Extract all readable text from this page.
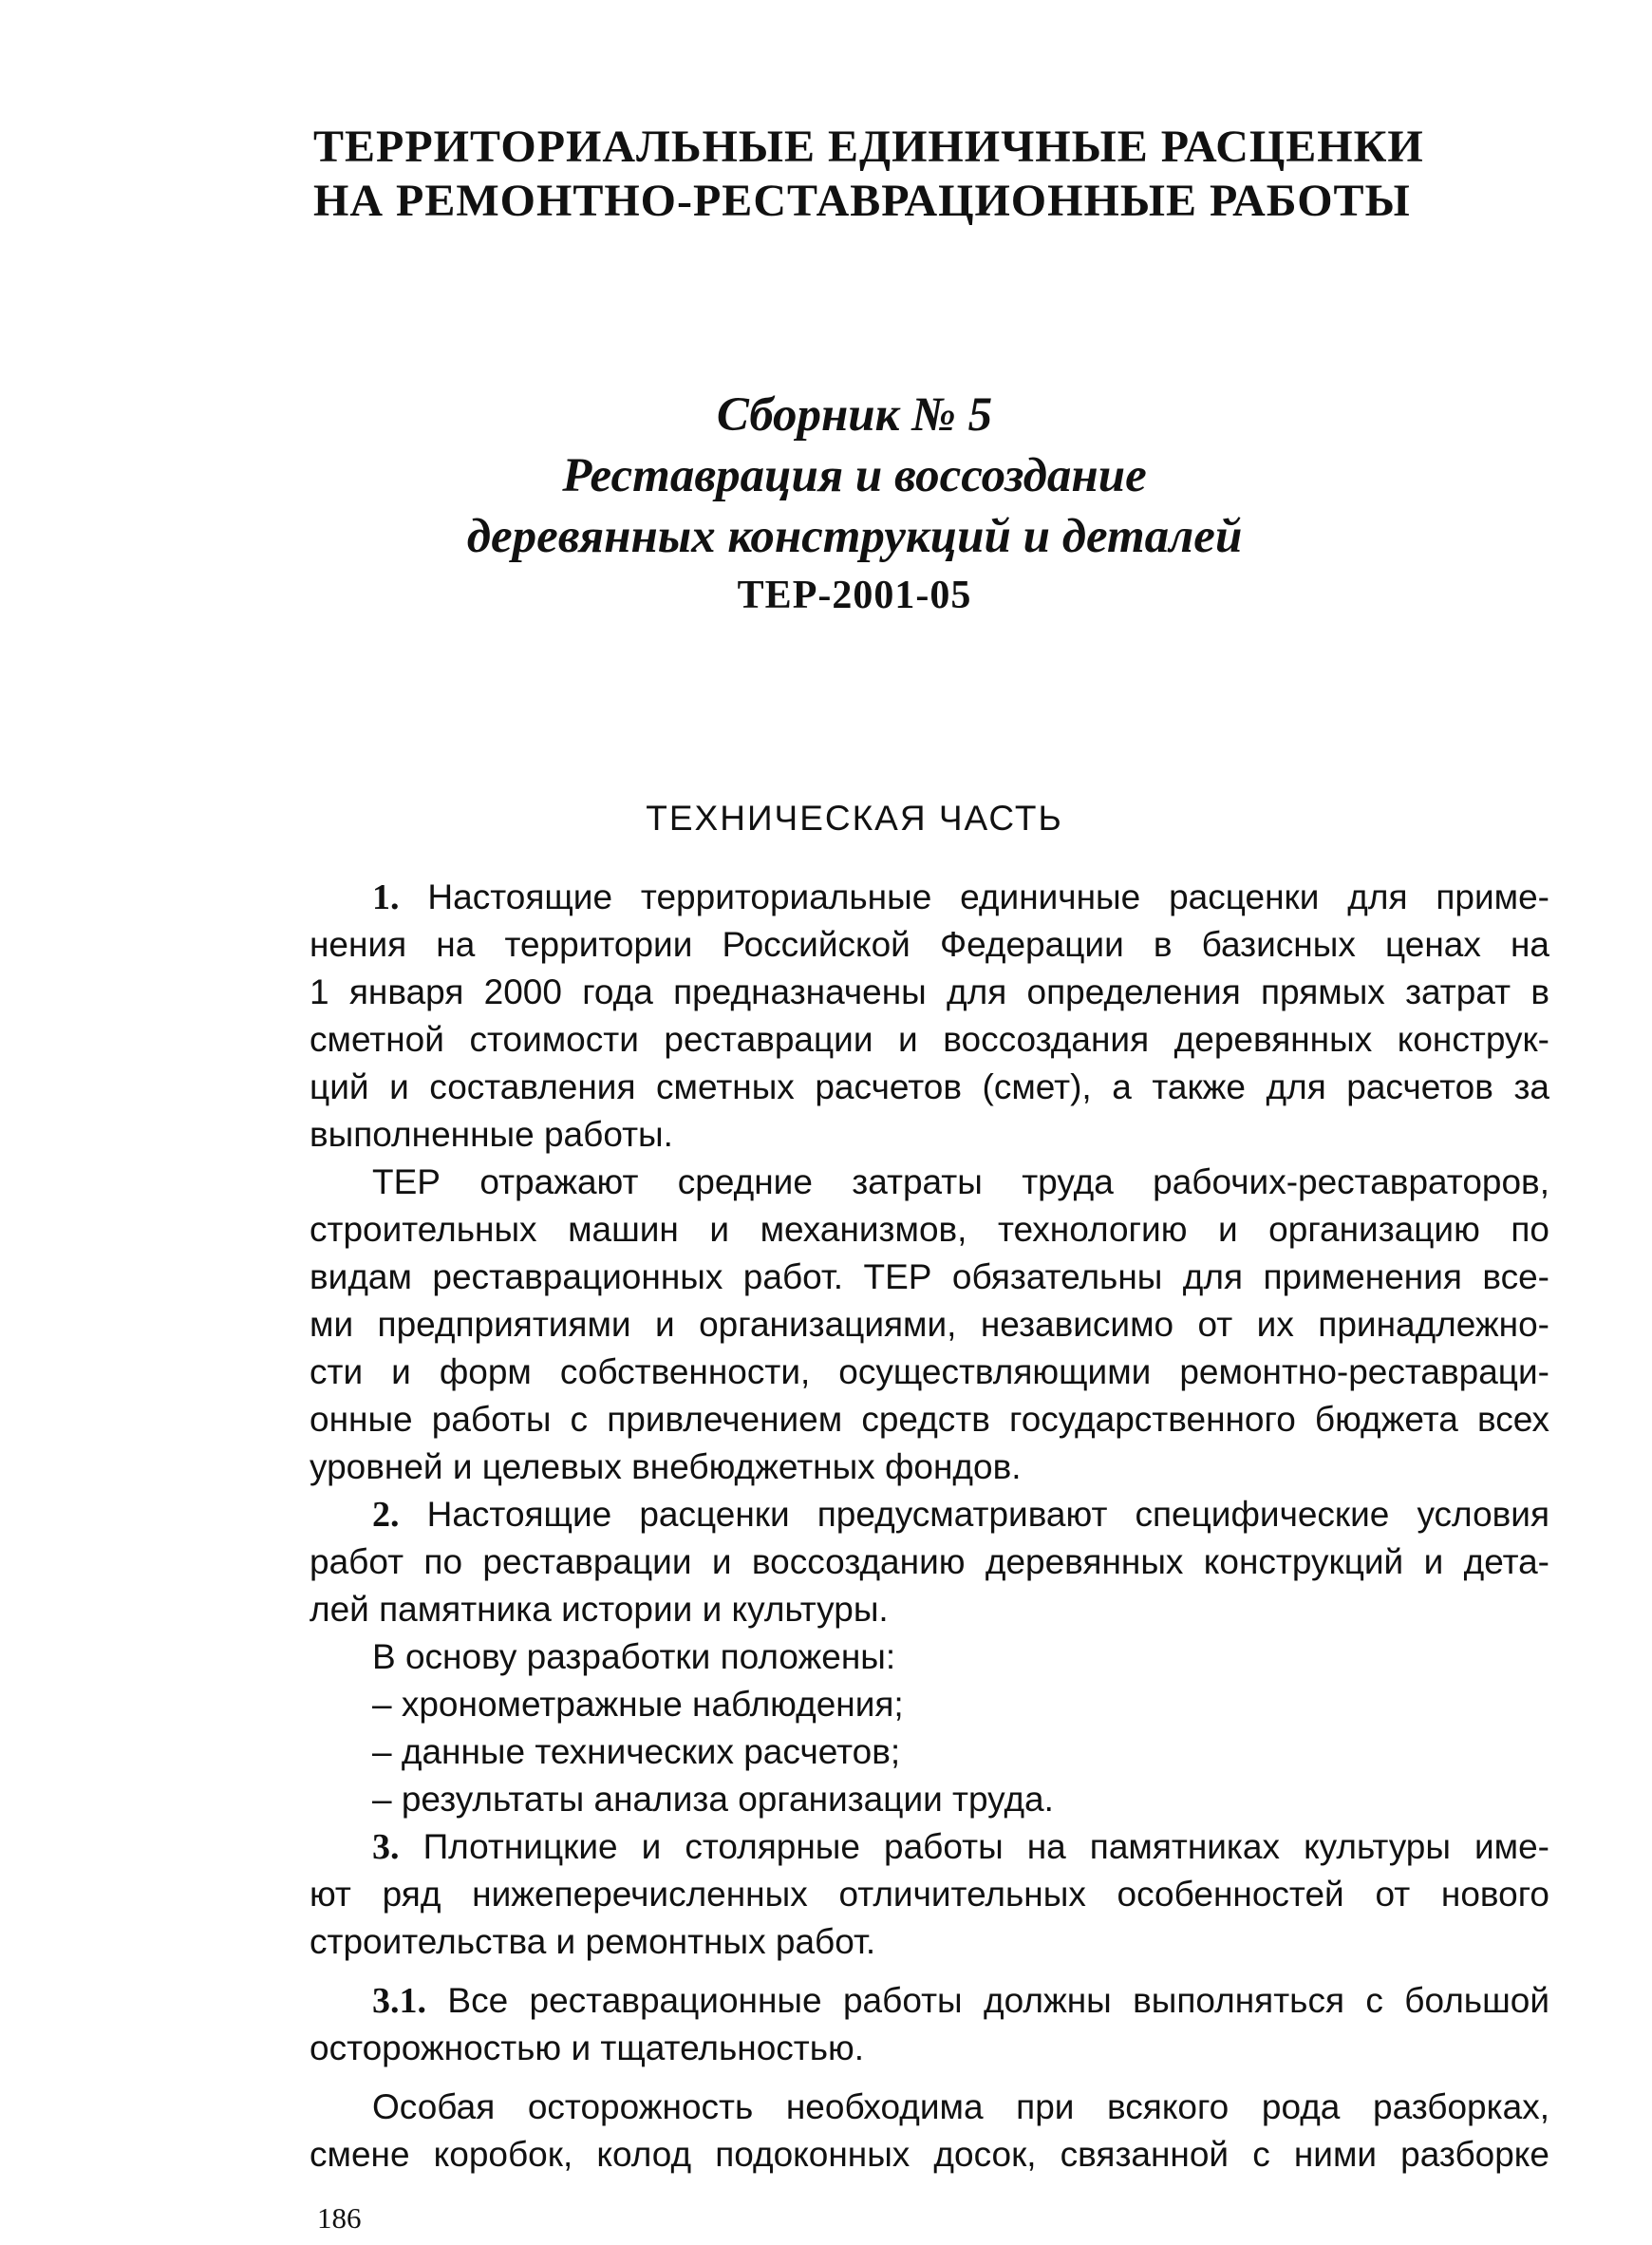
ТЕРРИТОРИАЛЬНЫЕ ЕДИНИЧНЫЕ РАСЦЕНКИ
НА РЕМОНТНО-РЕСТАВРАЦИОННЫЕ РАБОТЫ
Сборник № 5
Реставрация и воссоздание
деревянных конструкций и деталей
ТЕР-2001-05
ТЕХНИЧЕСКАЯ ЧАСТЬ
1. Настоящие территориальные единичные расценки для приме-
нения на территории Российской Федерации в базисных ценах на
1 января 2000 года предназначены для определения прямых затрат в
сметной стоимости реставрации и воссоздания деревянных конструк-
ций и составления сметных расчетов (смет), а также для расчетов за
выполненные работы.
ТЕР отражают средние затраты труда рабочих-реставраторов,
строительных машин и механизмов, технологию и организацию по
видам реставрационных работ. ТЕР обязательны для применения все-
ми предприятиями и организациями, независимо от их принадлежно-
сти и форм собственности, осуществляющими ремонтно-реставраци-
онные работы с привлечением средств государственного бюджета всех
уровней и целевых внебюджетных фондов.
2. Настоящие расценки предусматривают специфические условия
работ по реставрации и воссозданию деревянных конструкций и дета-
лей памятника истории и культуры.
В основу разработки положены:
– хронометражные наблюдения;
– данные технических расчетов;
– результаты анализа организации труда.
3. Плотницкие и столярные работы на памятниках культуры име-
ют ряд нижеперечисленных отличительных особенностей от нового
строительства и ремонтных работ.
3.1. Все реставрационные работы должны выполняться с большой
осторожностью и тщательностью.
Особая осторожность необходима при всякого рода разборках,
смене коробок, колод подоконных досок, связанной с ними разборке
186
